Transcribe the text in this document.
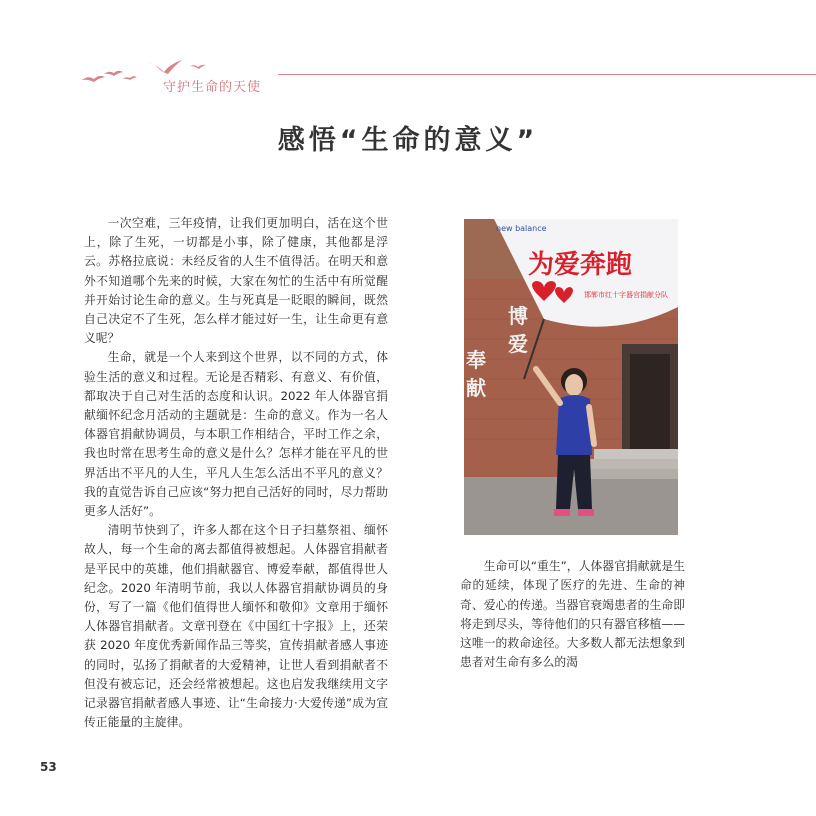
守护生命的天使
感悟“生命的意义”

一次空难，三年疫情，让我们更加明白，活在这个世上，除了生死，一切都是小事，除了健康，其他都是浮云。苏格拉底说：未经反省的人生不值得活。在明天和意外不知道哪个先来的时候，大家在匆忙的生活中有所觉醒并开始讨论生命的意义。生与死真是一眨眼的瞬间，既然自己决定不了生死，怎么样才能过好一生，让生命更有意义呢？

生命，就是一个人来到这个世界，以不同的方式，体验生活的意义和过程。无论是否精彩、有意义、有价值，都取决于自己对生活的态度和认识。2022 年人体器官捐献缅怀纪念月活动的主题就是：生命的意义。作为一名人体器官捐献协调员，与本职工作相结合，平时工作之余，我也时常在思考生命的意义是什么？怎样才能在平凡的世界活出不平凡的人生，平凡人生怎么活出不平凡的意义？我的直觉告诉自己应该“努力把自己活好的同时，尽力帮助更多人活好”。

清明节快到了，许多人都在这个日子扫墓祭祖、缅怀故人，每一个生命的离去都值得被想起。人体器官捐献者是平民中的英雄，他们捐献器官、博爱奉献，都值得世人纪念。2020 年清明节前，我以人体器官捐献协调员的身份，写了一篇《他们值得世人缅怀和敬仰》文章用于缅怀人体器官捐献者。文章刊登在《中国红十字报》上，还荣获 2020 年度优秀新闻作品三等奖，宣传捐献者感人事迹的同时，弘扬了捐献者的大爱精神，让世人看到捐献者不但没有被忘记，还会经常被想起。这也启发我继续用文字记录器官捐献者感人事迹、让“生命接力·大爱传递”成为宣传正能量的主旋律。

博
爱
奉
献
new balance
为爱奔跑
邯郸市红十字器官捐献分队

生命可以“重生”，人体器官捐献就是生命的延续，体现了医疗的先进、生命的神奇、爱心的传递。当器官衰竭患者的生命即将走到尽头，等待他们的只有器官移植——这唯一的救命途径。大多数人都无法想象到患者对生命有多么的渴

53
